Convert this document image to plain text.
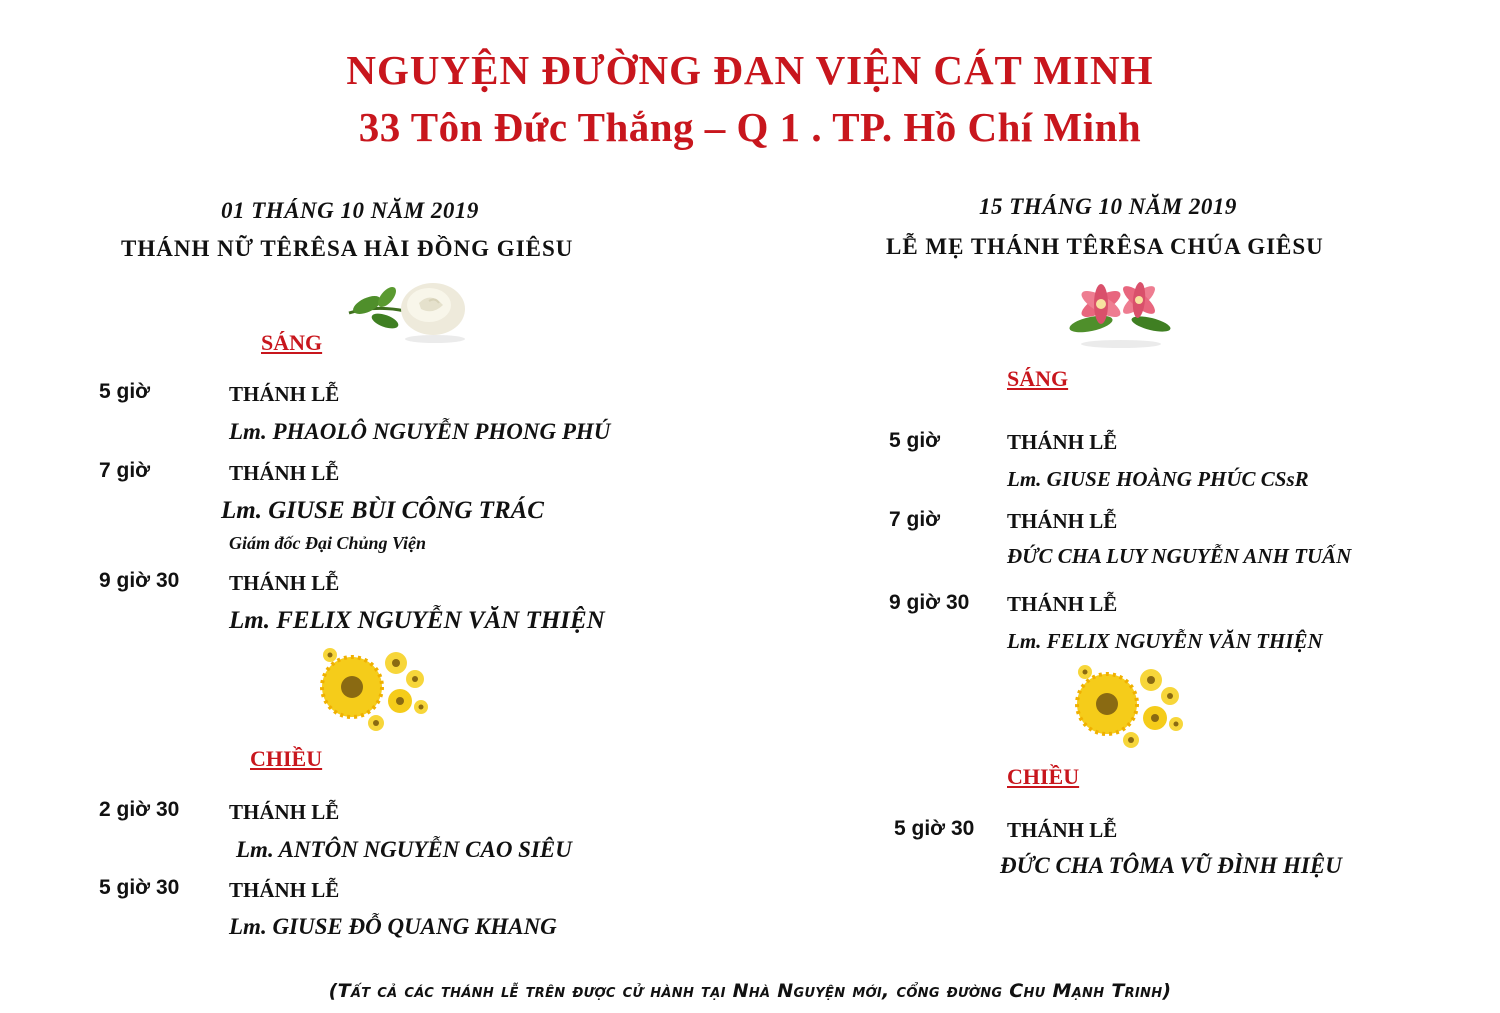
NGUYỆN ĐƯỜNG ĐAN VIỆN CÁT MINH
33 Tôn Đức Thắng – Q 1 . TP. Hồ Chí Minh
01 THÁNG 10 NĂM 2019
THÁNH NỮ TÊRÊSA HÀI ĐỒNG GIÊSU
SÁNG
5 giờ	THÁNH LỄ
Lm. PHAOLÔ NGUYỄN PHONG PHÚ
7 giờ	THÁNH LỄ
Lm. GIUSE BÙI CÔNG TRÁC
Giám đốc Đại Chủng Viện
9 giờ 30 THÁNH LỄ
Lm. FELIX NGUYỄN VĂN THIỆN
CHIỀU
2 giờ 30 THÁNH LỄ
Lm. ANTÔN NGUYỄN CAO SIÊU
5 giờ 30 THÁNH LỄ
Lm. GIUSE ĐỖ QUANG KHANG
15 THÁNG 10 NĂM 2019
LỄ MẸ THÁNH TÊRÊSA CHÚA GIÊSU
SÁNG
5 giờ	THÁNH LỄ
Lm. GIUSE HOÀNG PHÚC CSsR
7 giờ	THÁNH LỄ
ĐỨC CHA LUY NGUYỄN ANH TUẤN
9 giờ 30 THÁNH LỄ
Lm. FELIX NGUYỄN VĂN THIỆN
CHIỀU
5 giờ 30 THÁNH LỄ
ĐỨC CHA TÔMA VŨ ĐÌNH HIỆU
(Tất cả các thánh lễ trên được cử hành tại Nhà Nguyện mới, cổng đường Chu Mạnh Trinh)
